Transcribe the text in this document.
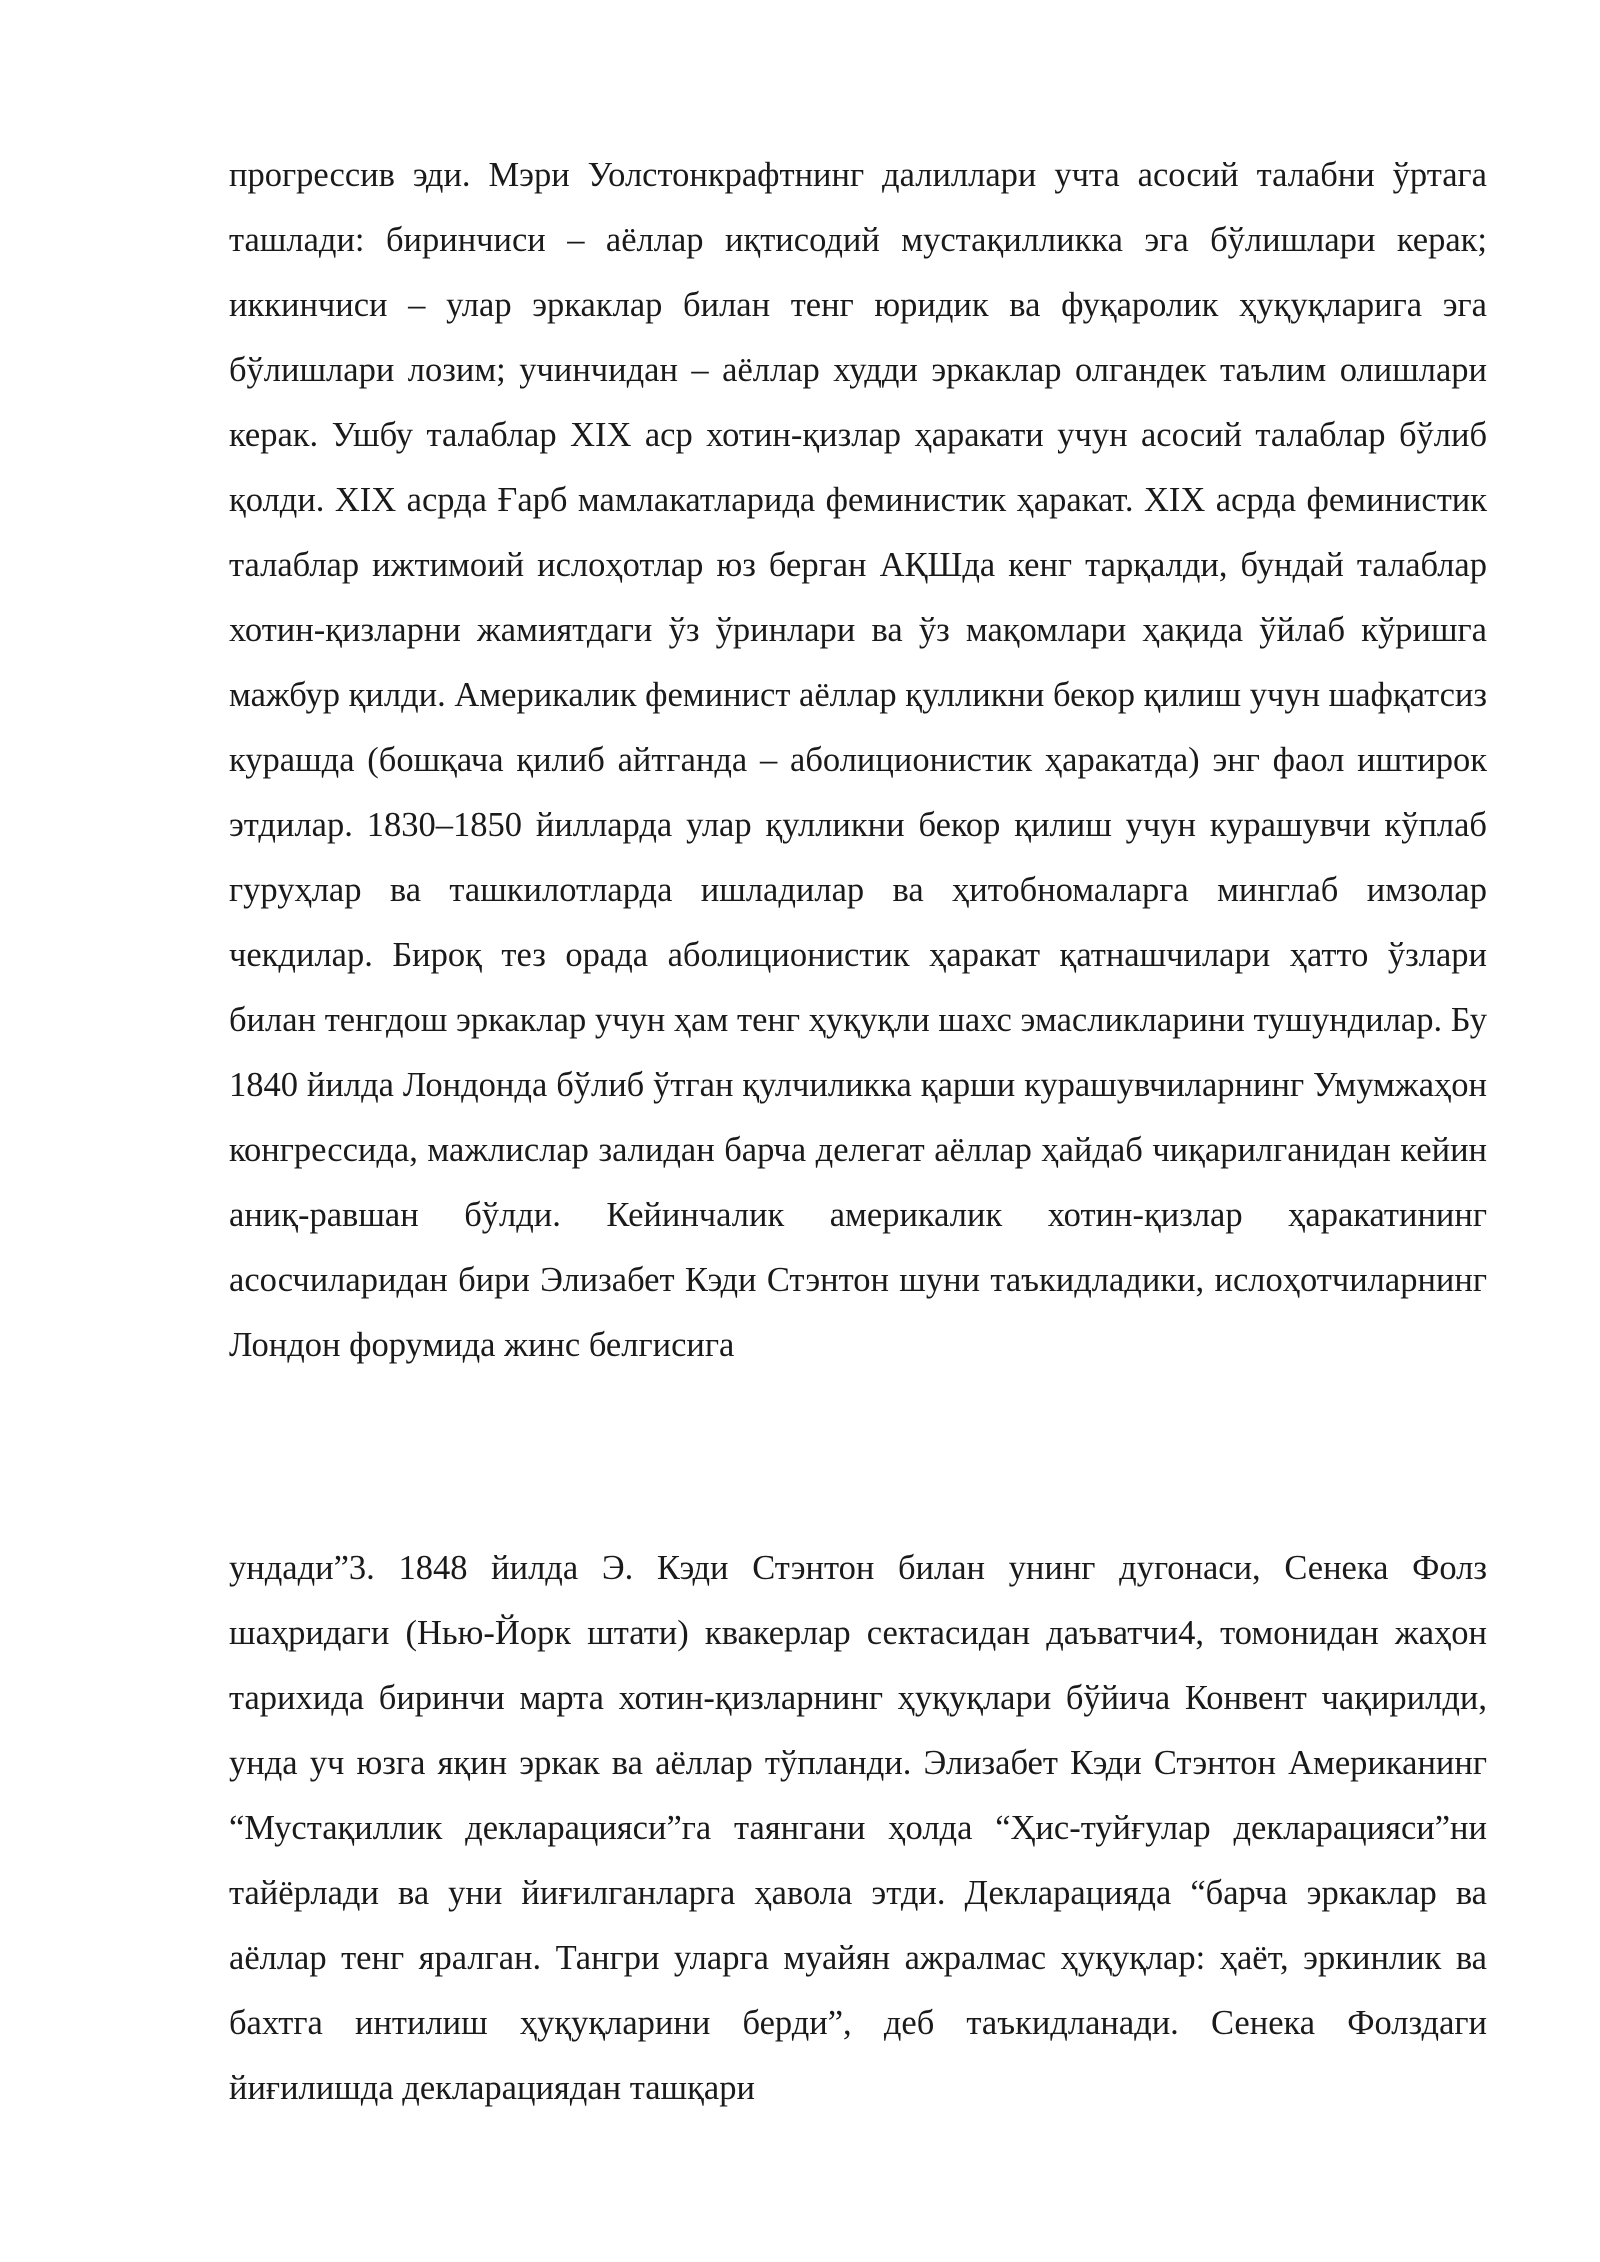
прогрессив эди. Мэри Уолстонкрафтнинг далиллари учта асосий талабни ўртага ташлади: биринчиси – аёллар иқтисодий мустақилликка эга бўлишлари керак; иккинчиси – улар эркаклар билан тенг юридик ва фуқаролик ҳуқуқларига эга бўлишлари лозим; учинчидан – аёллар худди эркаклар олгандек таълим олишлари керак. Ушбу талаблар XIX аср хотин-қизлар ҳаракати учун асосий талаблар бўлиб қолди. XIX асрда Ғарб мамлакатларида феминистик ҳаракат. XIX асрда феминистик талаблар ижтимоий ислоҳотлар юз берган АҚШда кенг тарқалди, бундай талаблар хотин-қизларни жамиятдаги ўз ўринлари ва ўз мақомлари ҳақида ўйлаб кўришга мажбур қилди. Америкалик феминист аёллар қулликни бекор қилиш учун шафқатсиз курашда (бошқача қилиб айтганда – аболиционистик ҳаракатда) энг фаол иштирок этдилар. 1830–1850 йилларда улар қулликни бекор қилиш учун курашувчи кўплаб гуруҳлар ва ташкилотларда ишладилар ва ҳитобномаларга минглаб имзолар чекдилар. Бироқ тез орада аболиционистик ҳаракат қатнашчилари ҳатто ўзлари билан тенгдош эркаклар учун ҳам тенг ҳуқуқли шахс эмасликларини тушундилар. Бу 1840 йилда Лондонда бўлиб ўтган қулчиликка қарши курашувчиларнинг Умумжаҳон конгрессида, мажлислар залидан барча делегат аёллар ҳайдаб чиқарилганидан кейин аниқ-равшан бўлди. Кейинчалик америкалик хотин-қизлар ҳаракатининг асосчиларидан бири Элизабет Кэди Стэнтон шуни таъкидладики, ислоҳотчиларнинг Лондон форумида жинс белгисига

ундади”3. 1848 йилда Э. Кэди Стэнтон билан унинг дугонаси, Сенека Фолз шаҳридаги (Нью-Йорк штати) квакерлар сектасидан даъватчи4, томонидан жаҳон тарихида биринчи марта хотин-қизларнинг ҳуқуқлари бўйича Конвент чақирилди, унда уч юзга яқин эркак ва аёллар тўпланди. Элизабет Кэди Стэнтон Американинг “Мустақиллик декларацияси”га таянгани ҳолда “Ҳис-туйғулар декларацияси”ни тайёрлади ва уни йиғилганларга ҳавола этди. Декларацияда “барча эркаклар ва аёллар тенг яралган. Тангри уларга муайян ажралмас ҳуқуқлар: ҳаёт, эркинлик ва бахтга интилиш ҳуқуқларини берди”, деб таъкидланади. Сенека Фолздаги йиғилишда декларациядан ташқари
